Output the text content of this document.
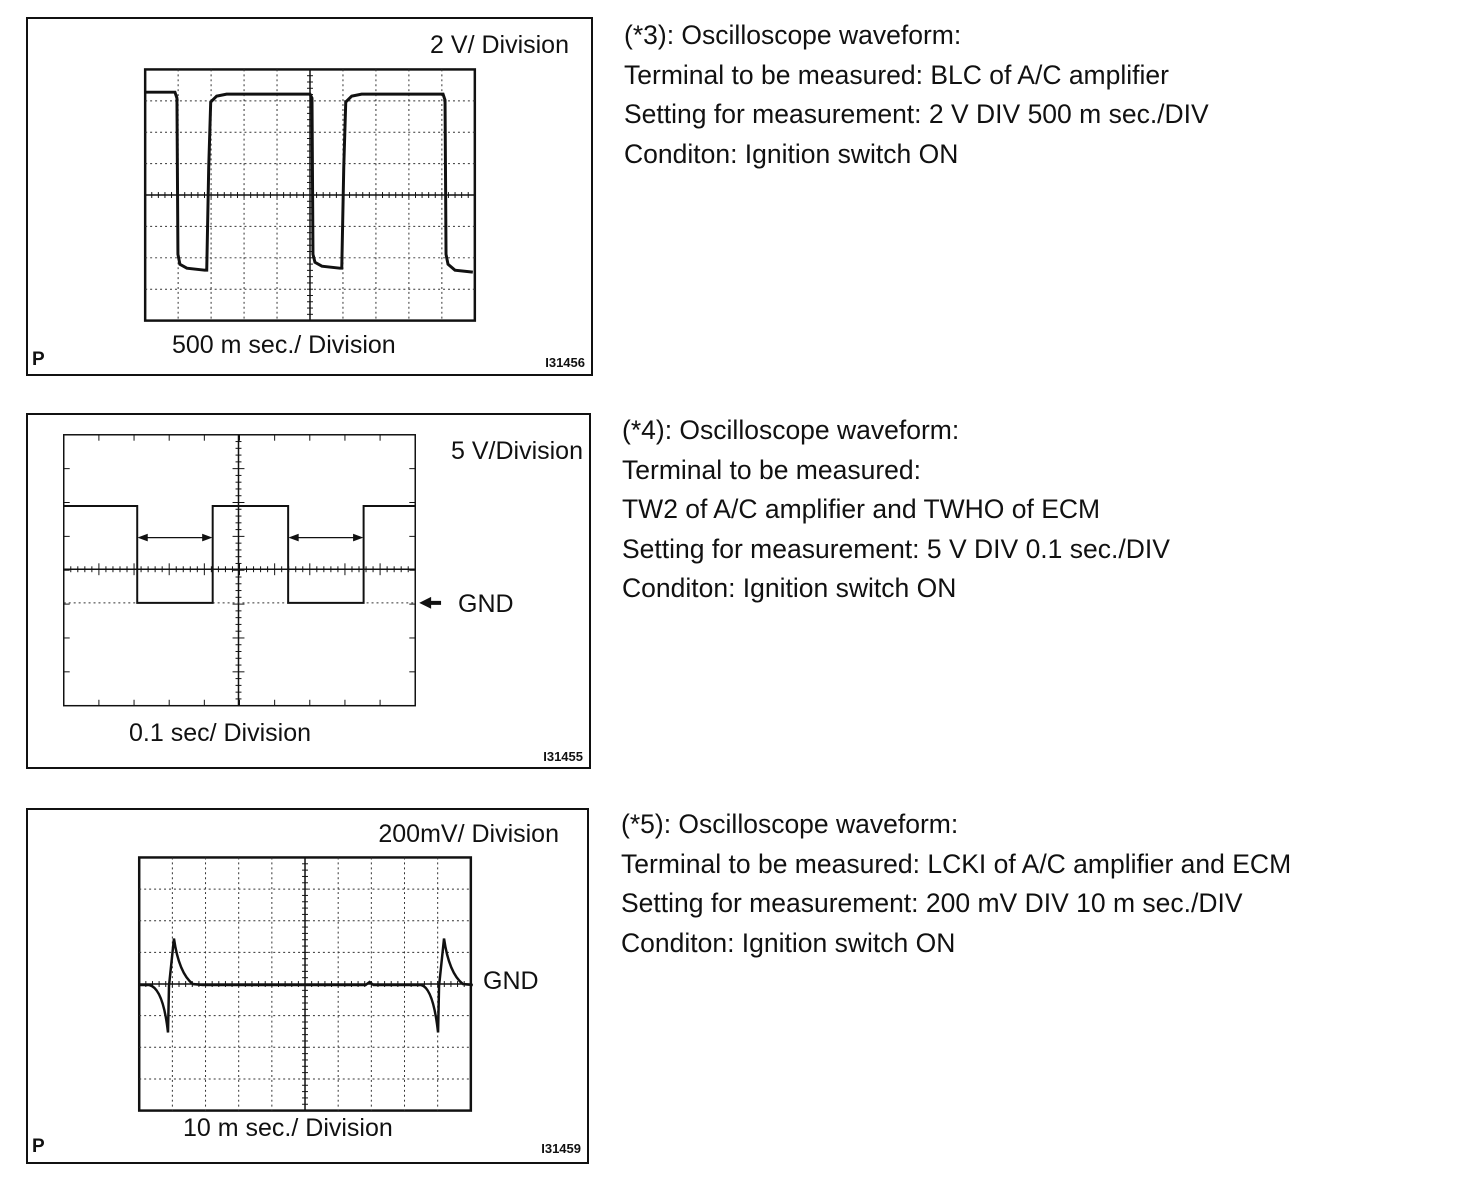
2 V/ Division
500 m sec./ Division
P	I31456
(*3): Oscilloscope waveform:
Terminal to be measured: BLC of A/C amplifier
Setting for measurement: 2 V DIV 500 m sec./DIV
Conditon: Ignition switch ON
5 V/Division
GND
0.1 sec/ Division
I31455
(*4): Oscilloscope waveform:
Terminal to be measured:
TW2 of A/C amplifier and TWHO of ECM
Setting for measurement: 5 V DIV 0.1 sec./DIV
Conditon: Ignition switch ON
200mV/ Division
GND
10 m sec./ Division
P	I31459
(*5): Oscilloscope waveform:
Terminal to be measured: LCKI of A/C amplifier and ECM
Setting for measurement: 200 mV DIV 10 m sec./DIV
Conditon: Ignition switch ON
